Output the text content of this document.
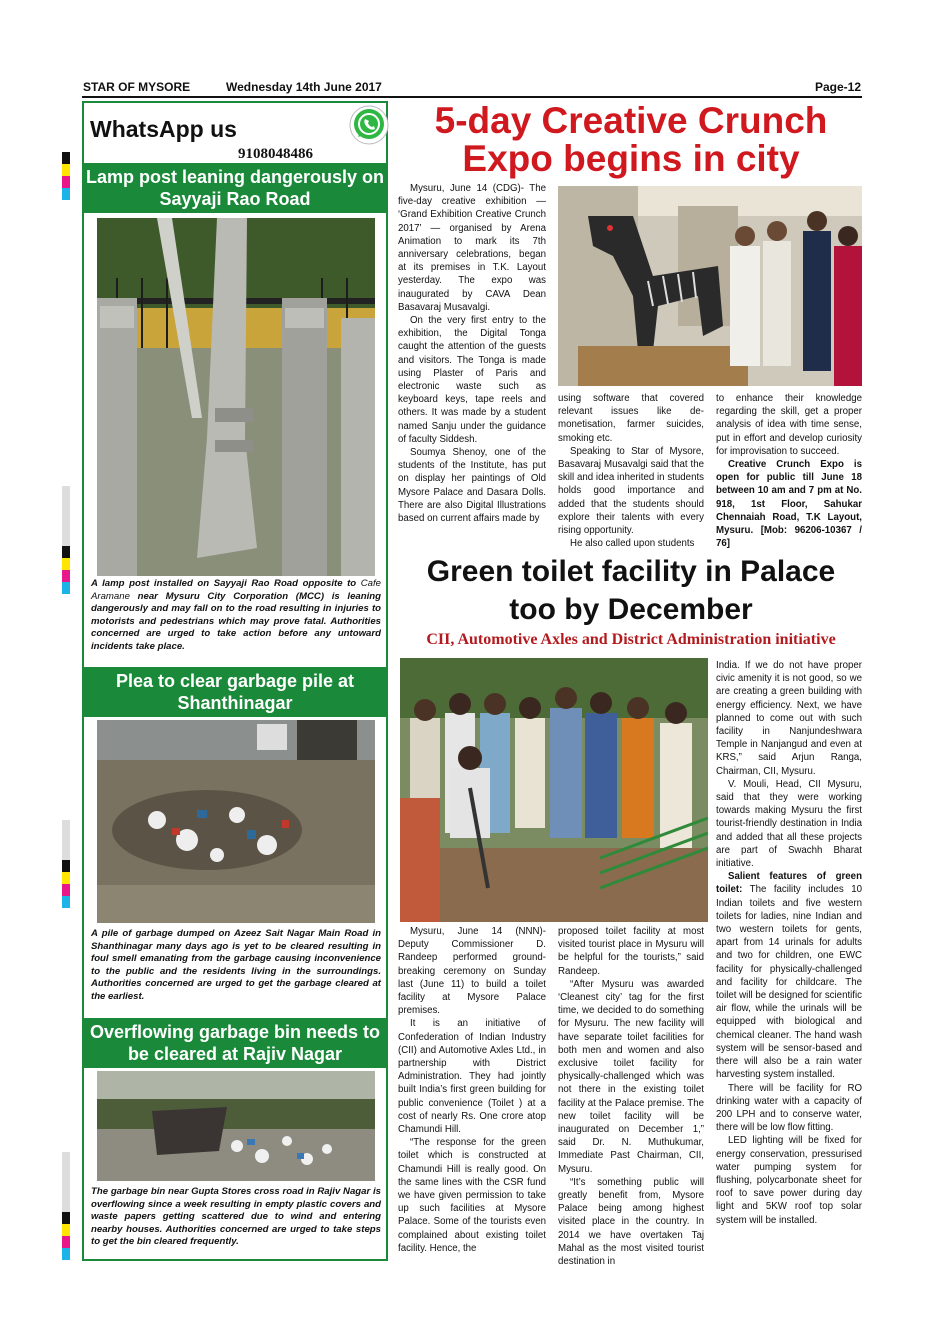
STAR OF MYSORE	Wednesday 14th June 2017	Page-12
WhatsApp us
9108048486
Lamp post leaning dangerously on Sayyaji Rao Road
A lamp post installed on Sayyaji Rao Road opposite to Cafe Aramane near Mysuru City Corporation (MCC) is leaning dangerously and may fall on to the road resulting in injuries to motorists and pedestrians which may prove fatal. Authorities concerned are urged to take action before any untoward incidents take place.
Plea to clear garbage pile at Shanthinagar
A pile of garbage dumped on Azeez Sait Nagar Main Road in Shanthinagar many days ago is yet to be cleared resulting in foul smell emanating from the garbage causing inconvenience to the public and the residents living in the surroundings. Authorities concerned are urged to get the garbage cleared at the earliest.
Overflowing garbage bin needs to be cleared at Rajiv Nagar
The garbage bin near Gupta Stores cross road in Rajiv Nagar is overflowing since a week resulting in empty plastic covers and waste papers getting scattered due to wind and entering nearby houses. Authorities concerned are urged to take steps to get the bin cleared frequently.
5-day Creative Crunch
Expo begins in city

Mysuru, June 14 (CDG)- The five-day creative exhibition — ‘Grand Exhibition Creative Crunch 2017’ — organised by Arena Animation to mark its 7th anniversary celebrations, began at its premises in T.K. Layout yesterday. The expo was inaugurated by CAVA Dean Basavaraj Musavalgi.

On the very first entry to the exhibition, the Digital Tonga caught the attention of the guests and visitors. The Tonga is made using Plaster of Paris and electronic waste such as keyboard keys, tape reels and others. It was made by a student named Sanju under the guidance of faculty Siddesh.

Soumya Shenoy, one of the students of the Institute, has put on display her paintings of Old Mysore Palace and Dasara Dolls. There are also Digital Illustrations based on current affairs made by

using software that covered relevant issues like de-monetisation, farmer suicides, smoking etc.

Speaking to Star of Mysore, Basavaraj Musavalgi said that the skill and idea inherited in students holds good importance and added that the students should explore their talents with every rising opportunity.

He also called upon students

to enhance their knowledge regarding the skill, get a proper analysis of idea with time sense, put in effort and develop curiosity for improvisation to succeed.

Creative Crunch Expo is open for public till June 18 between 10 am and 7 pm at No. 918, 1st Floor, Sahukar Chennaiah Road, T.K Layout, Mysuru. [Mob: 96206-10367 / 76]

Green toilet facility in Palace
too by December
CII, Automotive Axles and District Administration initiative

Mysuru, June 14 (NNN)- Deputy Commissioner D. Randeep performed ground-breaking ceremony on Sunday last (June 11) to build a toilet facility at Mysore Palace premises.

It is an initiative of Confederation of Indian Industry (CII) and Automotive Axles Ltd., in partnership with District Administration. They had jointly built India’s first green building for public convenience (Toilet ) at a cost of nearly Rs. One crore atop Chamundi Hill.

“The response for the green toilet which is constructed at Chamundi Hill is really good. On the same lines with the CSR fund we have given permission to take up such facilities at Mysore Palace. Some of the tourists even complained about existing toilet facility. Hence, the

proposed toilet facility at most visited tourist place in Mysuru will be helpful for the tourists,” said Randeep.

“After Mysuru was awarded ‘Cleanest city’ tag for the first time, we decided to do something for Mysuru. The new facility will have separate toilet facilities for both men and women and also exclusive toilet facility for physically-challenged which was not there in the existing toilet facility at the Palace premise. The new toilet facility will be inaugurated on December 1,” said Dr. N. Muthukumar, Immediate Past Chairman, CII, Mysuru.

“It’s something public will greatly benefit from, Mysore Palace being among highest visited place in the country. In 2014 we have overtaken Taj Mahal as the most visited tourist destination in

India. If we do not have proper civic amenity it is not good, so we are creating a green building with energy efficiency. Next, we have planned to come out with such facility in Nanjundeshwara Temple in Nanjangud and even at KRS,” said Arjun Ranga, Chairman, CII, Mysuru.

V. Mouli, Head, CII Mysuru, said that they were working towards making Mysuru the first tourist-friendly destination in India and added that all these projects are part of Swachh Bharat initiative.

Salient features of green toilet: The facility includes 10 Indian toilets and five western toilets for ladies, nine Indian and two western toilets for gents, apart from 14 urinals for adults and two for children, one EWC facility for physically-challenged and facility for childcare. The toilet will be designed for scientific air flow, while the urinals will be equipped with biological and chemical cleaner. The hand wash system will be sensor-based and there will also be a rain water harvesting system installed.

There will be facility for RO drinking water with a capacity of 200 LPH and to conserve water, there will be low flow fitting.

LED lighting will be fixed for energy conservation, pressurised water pumping system for flushing, polycarbonate sheet for roof to save power during day light and 5KW roof top solar system will be installed.
